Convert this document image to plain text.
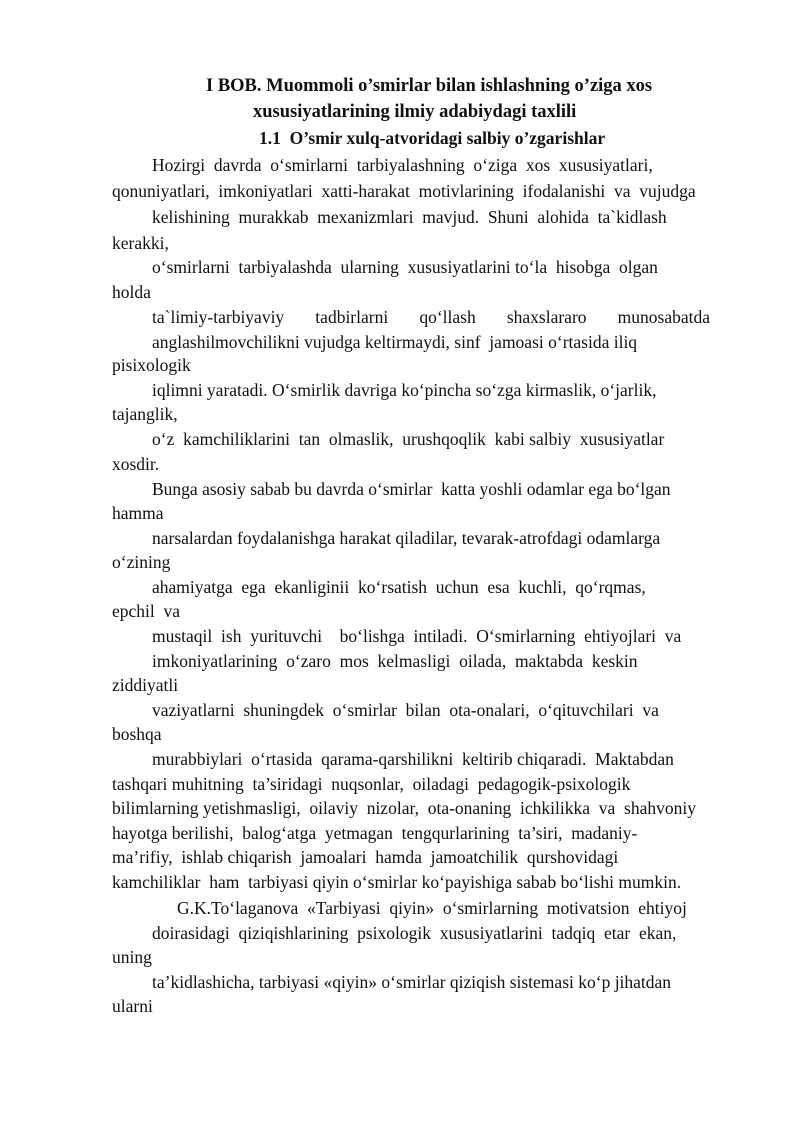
I BOB. Muommoli o’smirlar bilan ishlashning o’ziga xos
xususiyatlarining ilmiy adabiydagi taxlili
1.1  O’smir xulq-atvoridagi salbiy o’zgarishlar
Hozirgi  davrda  o‘smirlarni  tarbiyalashning  o‘ziga  xos  xususiyatlari,
qonuniyatlari,  imkoniyatlari  xatti-harakat  motivlarining  ifodalanishi  va  vujudga
kelishining  murakkab  mexanizmlari  mavjud.  Shuni  alohida  ta`kidlash
kerakki,
o‘smirlarni  tarbiyalashda  ularning  xususiyatlarini to‘la  hisobga  olgan
holda
ta`limiy-tarbiyaviy tadbirlarni qo‘llash shaxslararo munosabatda
anglashilmovchilikni vujudga keltirmaydi, sinf  jamoasi o‘rtasida iliq
pisixologik
iqlimni yaratadi. O‘smirlik davriga ko‘pincha so‘zga kirmaslik, o‘jarlik,
tajanglik,
o‘z  kamchiliklarini  tan  olmaslik,  urushqoqlik  kabi salbiy  xususiyatlar
xosdir.
Bunga asosiy sabab bu davrda o‘smirlar  katta yoshli odamlar ega bo‘lgan
hamma
narsalardan foydalanishga harakat qiladilar, tevarak-atrofdagi odamlarga
o‘zining
ahamiyatga  ega  ekanliginii  ko‘rsatish  uchun  esa  kuchli,  qo‘rqmas,
epchil  va
mustaqil  ish  yurituvchi    bo‘lishga  intiladi.  O‘smirlarning  ehtiyojlari  va
imkoniyatlarining  o‘zaro  mos  kelmasligi  oilada,  maktabda  keskin
ziddiyatli
vaziyatlarni  shuningdek  o‘smirlar  bilan  ota-onalari,  o‘qituvchilari  va
boshqa
murabbiylari  o‘rtasida  qarama-qarshilikni  keltirib chiqaradi.  Maktabdan
tashqari muhitning  ta’siridagi  nuqsonlar,  oiladagi  pedagogik-psixologik
bilimlarning yetishmasligi,  oilaviy  nizolar,  ota-onaning  ichkilikka  va  shahvoniy
hayotga berilishi,  balog‘atga  yetmagan  tengqurlarining  ta’siri,  madaniy-
ma’rifiy,  ishlab chiqarish  jamoalari  hamda  jamoatchilik  qurshovidagi
kamchiliklar  ham  tarbiyasi qiyin o‘smirlar ko‘payishiga sabab bo‘lishi mumkin.
G.K.To‘laganova  «Tarbiyasi  qiyin»  o‘smirlarning  motivatsion  ehtiyoj
doirasidagi  qiziqishlarining  psixologik  xususiyatlarini  tadqiq  etar  ekan,
uning
ta’kidlashicha, tarbiyasi «qiyin» o‘smirlar qiziqish sistemasi ko‘p jihatdan
ularni
